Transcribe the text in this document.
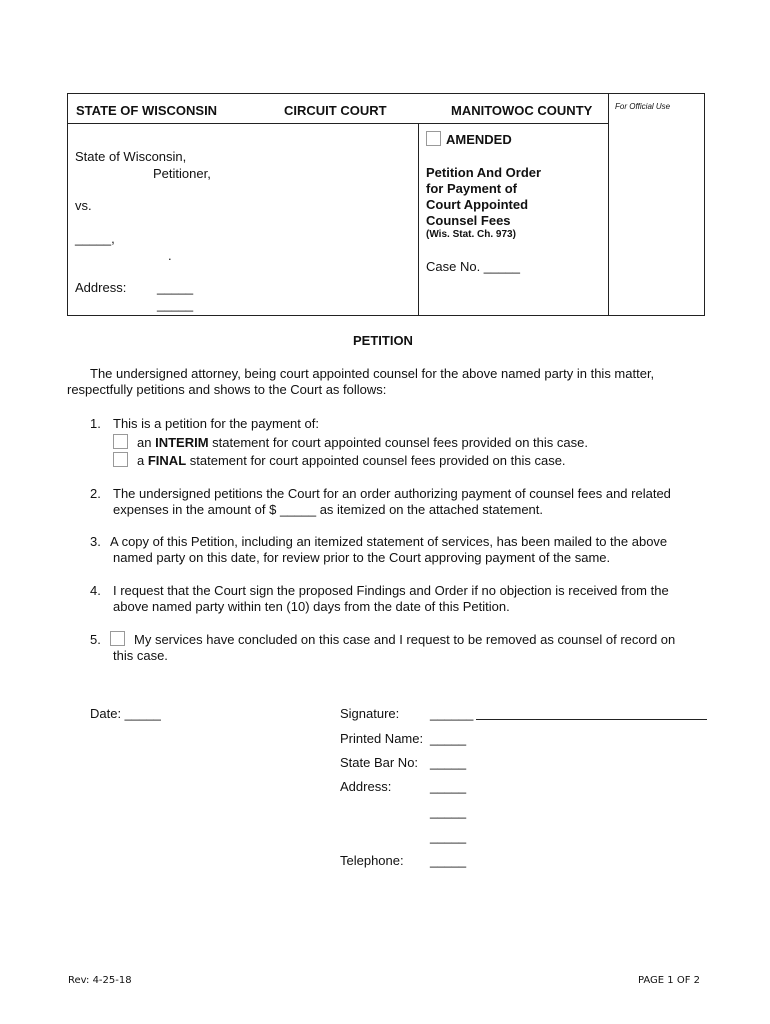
STATE OF WISCONSIN	CIRCUIT COURT	MANITOWOC COUNTY	For Official Use
State of Wisconsin,
Petitioner,
vs.
_____,
.
Address: _____
_____
AMENDED
Petition And Order
for Payment of
Court Appointed
Counsel Fees
(Wis. Stat. Ch. 973)
Case No. _____
PETITION
The undersigned attorney, being court appointed counsel for the above named party in this matter,
respectfully petitions and shows to the Court as follows:
1. This is a petition for the payment of:
an INTERIM statement for court appointed counsel fees provided on this case.
a FINAL statement for court appointed counsel fees provided on this case.
2. The undersigned petitions the Court for an order authorizing payment of counsel fees and related
expenses in the amount of $ _____ as itemized on the attached statement.
3. A copy of this Petition, including an itemized statement of services, has been mailed to the above
named party on this date, for review prior to the Court approving payment of the same.
4. I request that the Court sign the proposed Findings and Order if no objection is received from the
above named party within ten (10) days from the date of this Petition.
5.	My services have concluded on this case and I request to be removed as counsel of record on
this case.
Date: _____	Signature: ______
Printed Name: _____
State Bar No: _____
Address:	_____
_____
_____
Telephone: _____
Rev: 4-25-18	PAGE 1 OF 2
